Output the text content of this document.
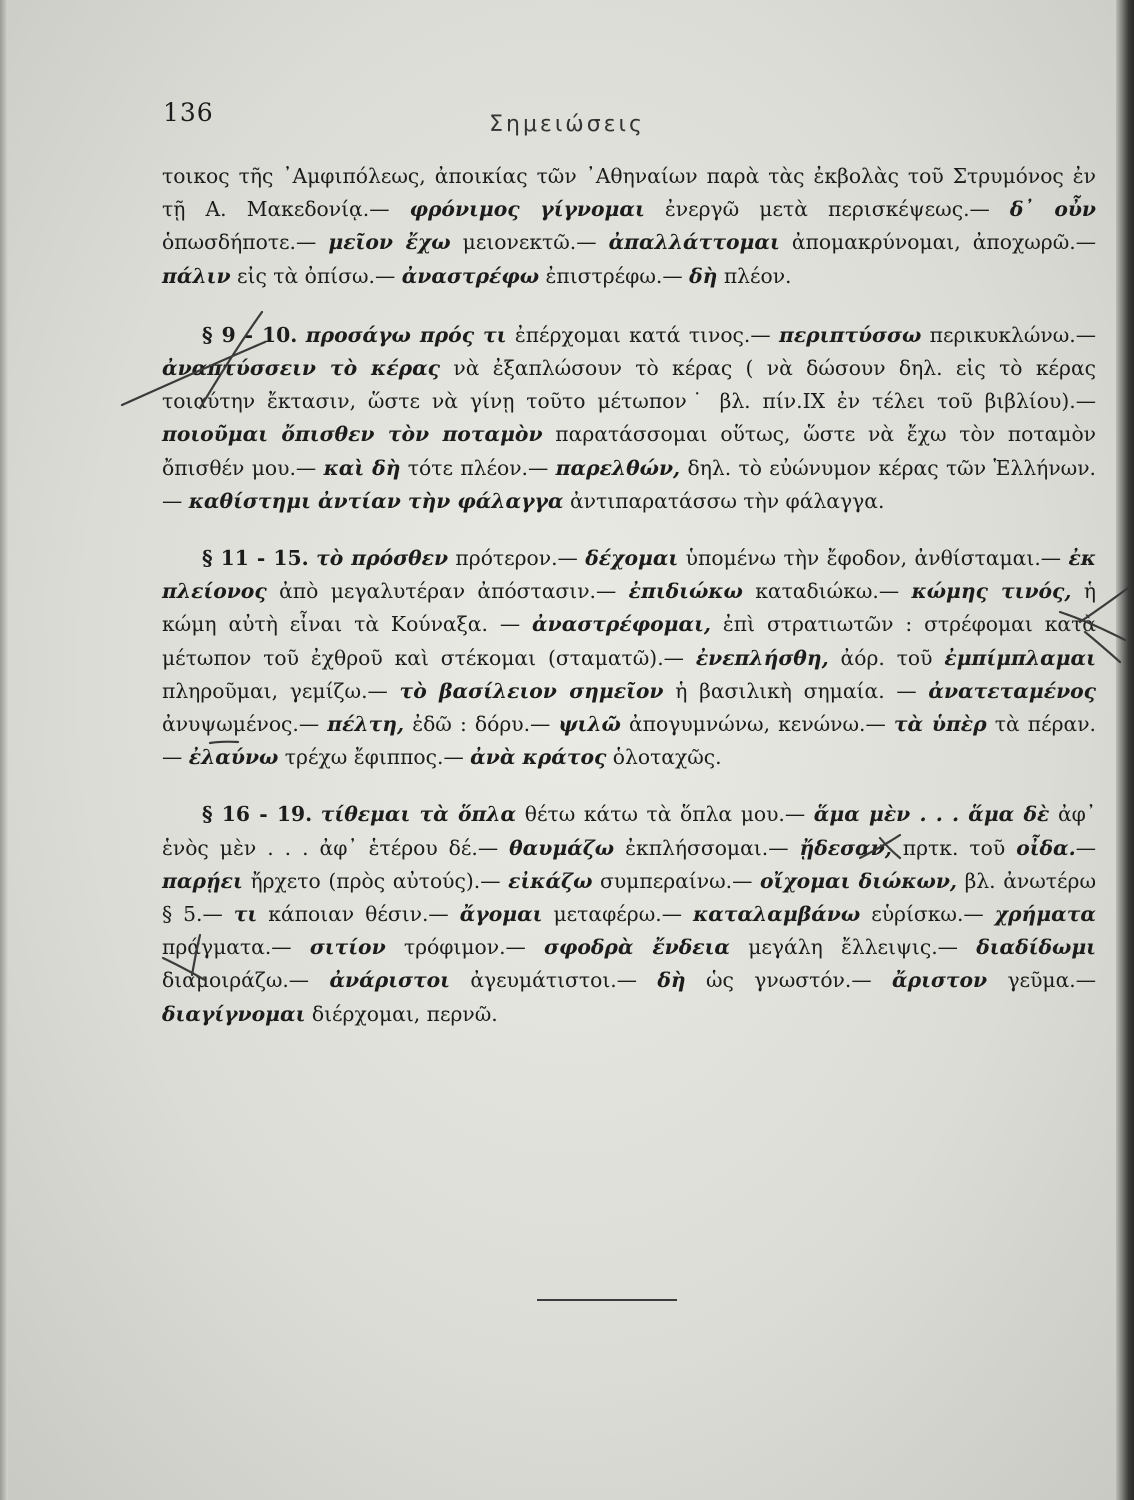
136	Σημειώσεις

τοικος τῆς ᾿Αμφιπόλεως, ἀποικίας τῶν ᾿Αθηναίων παρὰ τὰς ἐκβολὰς τοῦ Στρυμόνος ἐν τῇ Α. Μακεδονίᾳ.— φρόνιμος γίγνομαι ἐνεργῶ μετὰ περισκέψεως.— δ᾿ οὖν ὁπωσδήποτε.— μεῖον ἔχω μειονεκτῶ.— ἀπαλλάττομαι ἀπομακρύνομαι, ἀποχωρῶ.— πάλιν εἰς τὰ ὀπίσω.— ἀναστρέφω ἐπιστρέφω.— δὴ πλέον.

§ 9 - 10. προσάγω πρός τι ἐπέρχομαι κατά τινος.— περιπτύσσω περικυκλώνω.— ἀναπτύσσειν τὸ κέρας νὰ ἐξαπλώσουν τὸ κέρας ( νὰ δώσουν δηλ. εἰς τὸ κέρας τοιαύτην ἔκτασιν, ὥστε νὰ γίνῃ τοῦτο μέτωπον˙ βλ. πίν.IX ἐν τέλει τοῦ βιβλίου).— ποιοῦμαι ὄπισθεν τὸν ποταμὸν παρατάσσομαι οὕτως, ὥστε νὰ ἔχω τὸν ποταμὸν ὄπισθέν μου.— καὶ δὴ τότε πλέον.— παρελθών, δηλ. τὸ εὐώνυμον κέρας τῶν Ἑλλήνων.— καθίστημι ἀντίαν τὴν φάλαγγα ἀντιπαρατάσσω τὴν φάλαγγα.

§ 11 - 15. τὸ πρόσθεν πρότερον.— δέχομαι ὑπομένω τὴν ἔφοδον, ἀνθίσταμαι.— ἐκ πλείονος ἀπὸ μεγαλυτέραν ἀπόστασιν.— ἐπιδιώκω καταδιώκω.— κώμης τινός, ἡ κώμη αὐτὴ εἶναι τὰ Κούναξα. — ἀναστρέφομαι, ἐπὶ στρατιωτῶν : στρέφομαι κατὰ μέτωπον τοῦ ἐχθροῦ καὶ στέκομαι (σταματῶ).— ἐνεπλήσθη, ἀόρ. τοῦ ἐμπίμπλαμαι πληροῦμαι, γεμίζω.— τὸ βασίλειον σημεῖον ἡ βασιλικὴ σημαία. — ἀνατεταμένος ἀνυψωμένος.— πέλτη, ἐδῶ : δόρυ.— ψιλῶ ἀπογυμνώνω, κενώνω.— τὰ ὑπὲρ τὰ πέραν.— ἐλαύνω τρέχω ἔφιππος.— ἀνὰ κράτος ὁλοταχῶς.

§ 16 - 19. τίθεμαι τὰ ὅπλα θέτω κάτω τὰ ὅπλα μου.— ἅμα μὲν . . . ἅμα δὲ ἀφ᾿ ἑνὸς μὲν . . . ἀφ᾿ ἑτέρου δέ.— θαυμάζω ἐκπλήσσομαι.— ᾔδεσαν, πρτκ. τοῦ οἶδα.— παρῄει ἤρχετο (πρὸς αὐτούς).— εἰκάζω συμπεραίνω.— οἴχομαι διώκων, βλ. ἀνωτέρω § 5.— τι κάποιαν θέσιν.— ἄγομαι μεταφέρω.— καταλαμβάνω εὑρίσκω.— χρήματα πράγματα.— σιτίον τρόφιμον.— σφοδρὰ ἔνδεια μεγάλη ἔλλειψις.— διαδίδωμι διαμοιράζω.— ἀνάριστοι ἀγευμάτιστοι.— δὴ ὡς γνωστόν.— ἄριστον γεῦμα.— διαγίγνομαι διέρχομαι, περνῶ.
